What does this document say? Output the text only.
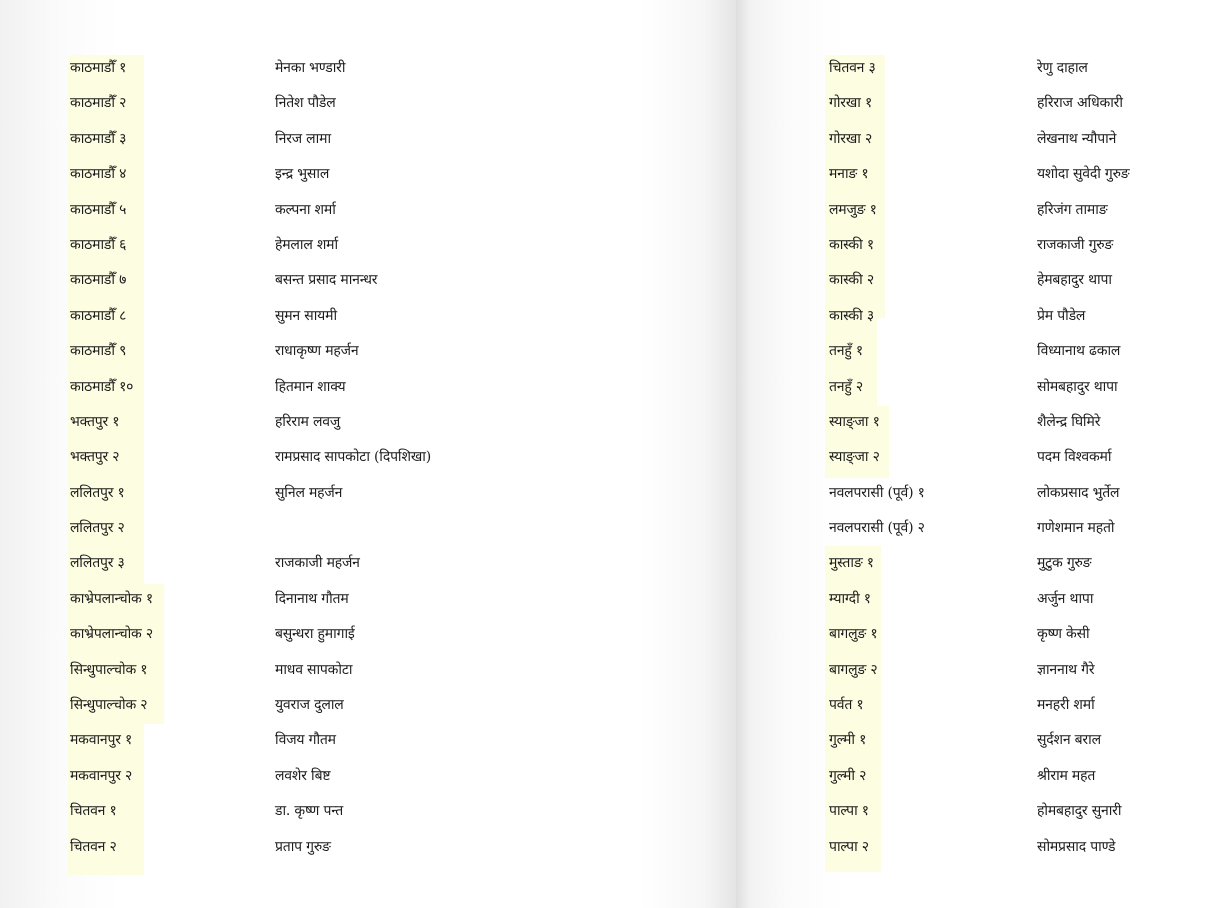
काठमाडौँ १	मेनका भण्डारी
काठमाडौँ २	नितेश पौडेल
काठमाडौँ ३	निरज लामा
काठमाडौँ ४	इन्द्र भुसाल
काठमाडौँ ५	कल्पना शर्मा
काठमाडौँ ६	हेमलाल शर्मा
काठमाडौँ ७	बसन्त प्रसाद मानन्धर
काठमाडौँ ८	सुमन सायमी
काठमाडौँ ९	राधाकृष्ण महर्जन
काठमाडौँ १०	हितमान शाक्य
भक्तपुर १	हरिराम लवजु
भक्तपुर २	रामप्रसाद सापकोटा (दिपशिखा)
ललितपुर १	सुनिल महर्जन
ललितपुर २
ललितपुर ३	राजकाजी महर्जन
काभ्रेपलान्चोक १	दिनानाथ गौतम
काभ्रेपलान्चोक २	बसुन्धरा हुमागाई
सिन्धुपाल्चोक १	माधव सापकोटा
सिन्धुपाल्चोक २	युवराज दुलाल
मकवानपुर १	विजय गौतम
मकवानपुर २	लवशेर बिष्ट
चितवन १	डा. कृष्ण पन्त
चितवन २	प्रताप गुरुङ
चितवन ३	रेणु दाहाल
गोरखा १	हरिराज अधिकारी
गोरखा २	लेखनाथ न्यौपाने
मनाङ १	यशोदा सुवेदी गुरुङ
लमजुङ १	हरिजंग तामाङ
कास्की १	राजकाजी गुरुङ
कास्की २	हेमबहादुर थापा
कास्की ३	प्रेम पौडेल
तनहुँ १	विध्यानाथ ढकाल
तनहुँ २	सोमबहादुर थापा
स्याङ्जा १	शैलेन्द्र घिमिरे
स्याङ्जा २	पदम विश्वकर्मा
नवलपरासी (पूर्व) १	लोकप्रसाद भुर्तेल
नवलपरासी (पूर्व) २	गणेशमान महतो
मुस्ताङ १	मुटुक गुरुङ
म्याग्दी १	अर्जुन थापा
बागलुङ १	कृष्ण केसी
बागलुङ २	ज्ञाननाथ गैरे
पर्वत १	मनहरी शर्मा
गुल्मी १	सुर्दशन बराल
गुल्मी २	श्रीराम महत
पाल्पा १	होमबहादुर सुनारी
पाल्पा २	सोमप्रसाद पाण्डे
